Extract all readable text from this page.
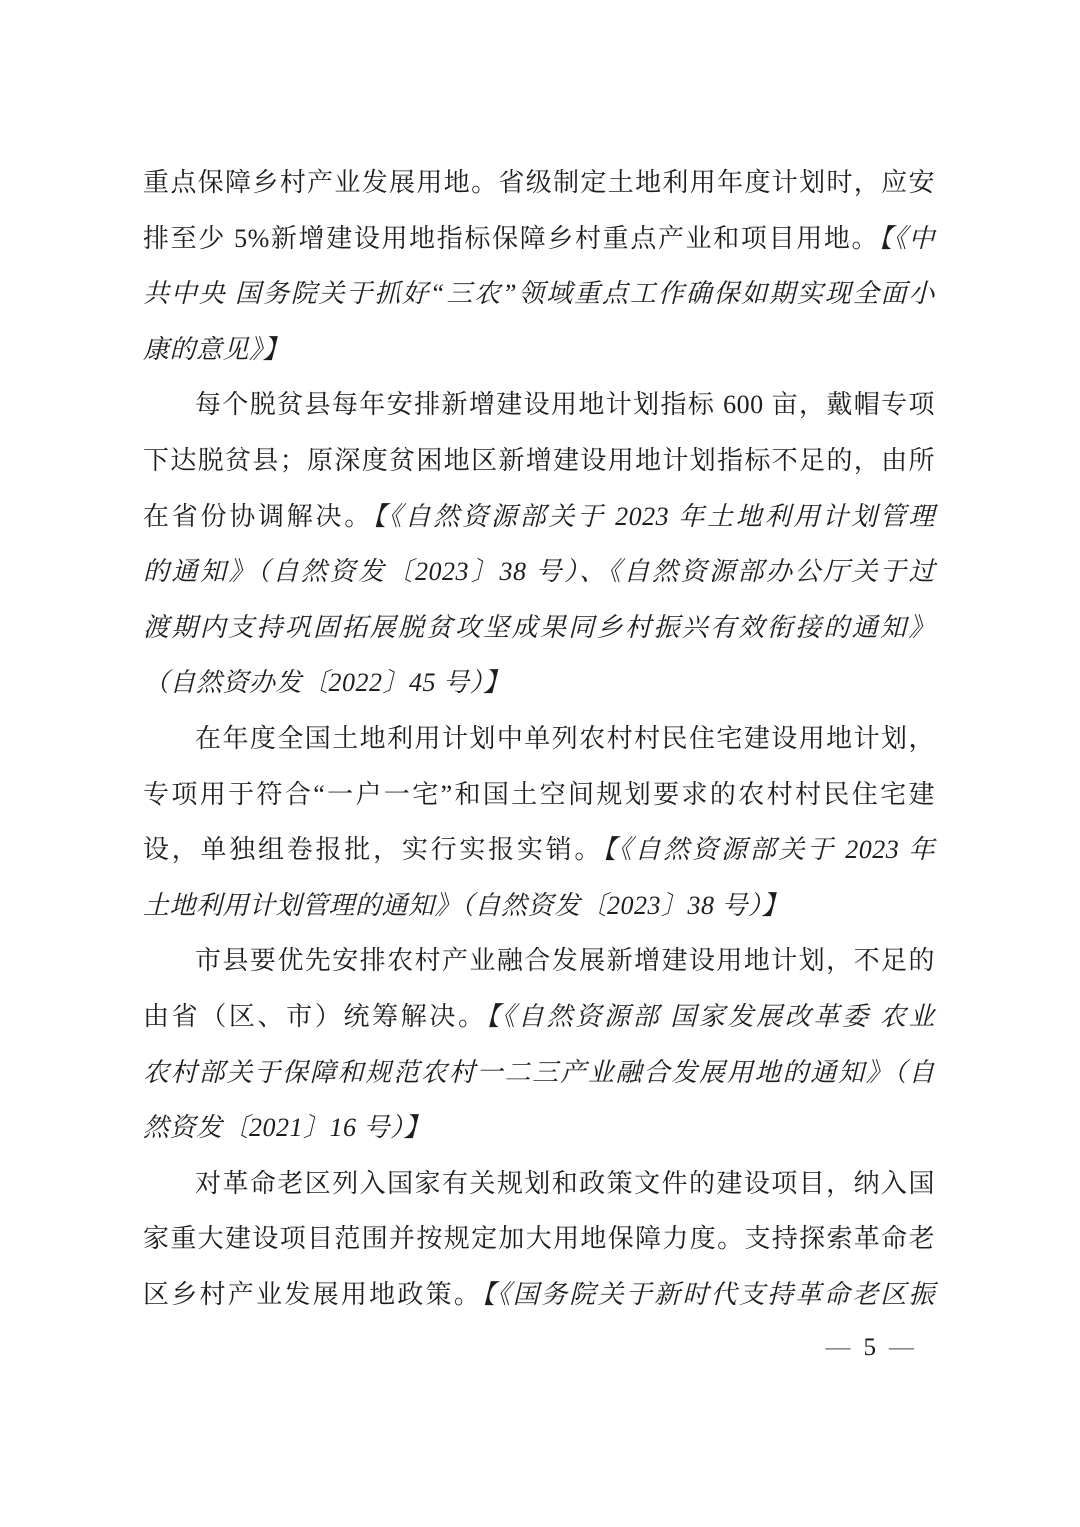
重点保障乡村产业发展用地。省级制定土地利用年度计划时，应安
排至少 5%新增建设用地指标保障乡村重点产业和项目用地。【《中
共中央 国务院关于抓好“三农”领域重点工作确保如期实现全面小
康的意见》】
每个脱贫县每年安排新增建设用地计划指标 600 亩，戴帽专项
下达脱贫县；原深度贫困地区新增建设用地计划指标不足的，由所
在省份协调解决。【《自然资源部关于 2023 年土地利用计划管理
的通知》（自然资发〔2023〕38 号）、《自然资源部办公厅关于过
渡期内支持巩固拓展脱贫攻坚成果同乡村振兴有效衔接的通知》
（自然资办发〔2022〕45 号）】
在年度全国土地利用计划中单列农村村民住宅建设用地计划，
专项用于符合“一户一宅”和国土空间规划要求的农村村民住宅建
设，单独组卷报批，实行实报实销。【《自然资源部关于 2023 年
土地利用计划管理的通知》（自然资发〔2023〕38 号）】
市县要优先安排农村产业融合发展新增建设用地计划，不足的
由省（区、市）统筹解决。【《自然资源部 国家发展改革委 农业
农村部关于保障和规范农村一二三产业融合发展用地的通知》（自
然资发〔2021〕16 号）】
对革命老区列入国家有关规划和政策文件的建设项目，纳入国
家重大建设项目范围并按规定加大用地保障力度。支持探索革命老
区乡村产业发展用地政策。【《国务院关于新时代支持革命老区振
— 5 —
